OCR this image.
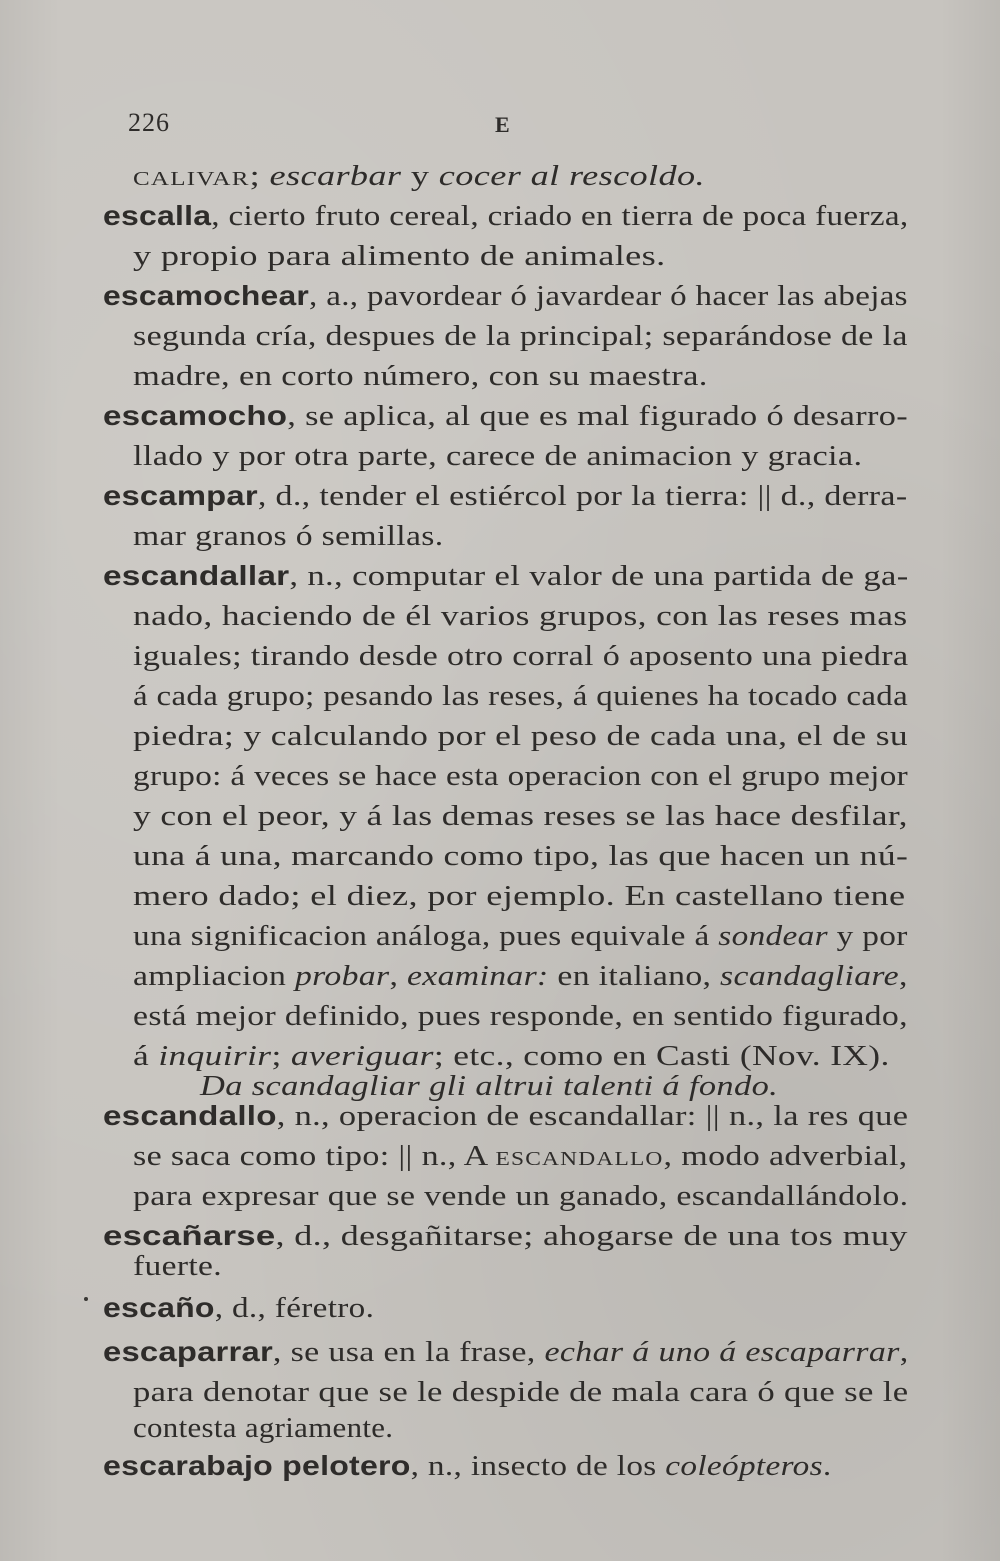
226	E
calivar; escarbar y cocer al rescoldo.
escalla, cierto fruto cereal, criado en tierra de poca fuerza,
y propio para alimento de animales.
escamochear, a., pavordear ó javardear ó hacer las abejas
segunda cría, despues de la principal; separándose de la
madre, en corto número, con su maestra.
escamocho, se aplica, al que es mal figurado ó desarro-
llado y por otra parte, carece de animacion y gracia.
escampar, d., tender el estiércol por la tierra: || d., derra-
mar granos ó semillas.
escandallar, n., computar el valor de una partida de ga-
nado, haciendo de él varios grupos, con las reses mas
iguales; tirando desde otro corral ó aposento una piedra
á cada grupo; pesando las reses, á quienes ha tocado cada
piedra; y calculando por el peso de cada una, el de su
grupo: á veces se hace esta operacion con el grupo mejor
y con el peor, y á las demas reses se las hace desfilar,
una á una, marcando como tipo, las que hacen un nú-
mero dado; el diez, por ejemplo. En castellano tiene
una significacion análoga, pues equivale á sondear y por
ampliacion probar, examinar: en italiano, scandagliare,
está mejor definido, pues responde, en sentido figurado,
á inquirir; averiguar; etc., como en Casti (Nov. IX).
Da scandagliar gli altrui talenti á fondo.
escandallo, n., operacion de escandallar: || n., la res que
se saca como tipo: || n., A escandallo, modo adverbial,
para expresar que se vende un ganado, escandallándolo.
escañarse, d., desgañitarse; ahogarse de una tos muy
fuerte.
escaño, d., féretro.
escaparrar, se usa en la frase, echar á uno á escaparrar,
para denotar que se le despide de mala cara ó que se le
contesta agriamente.
escarabajo pelotero, n., insecto de los coleópteros.
